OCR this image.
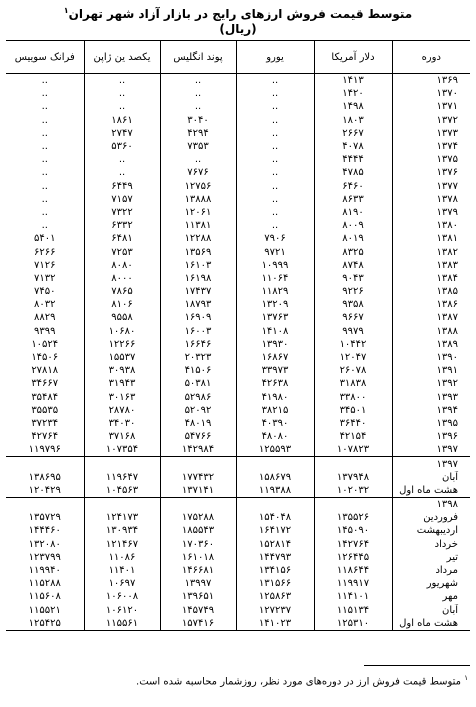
متوسط قیمت فروش ارزهای رایج در بازار آزاد شهر تهران$^۱$
(ریال)
دوره	دلار آمریکا	یورو	پوند انگلیس	یکصد ین ژاپن	فرانک سوییس
۱۳۶۹	۱۴۱۳	..	..	..	..
۱۳۷۰	۱۴۲۰	..	..	..	..
۱۳۷۱	۱۴۹۸	..	..	..	..
۱۳۷۲	۱۸۰۳	..	۳۰۴۰	۱۸۶۱	..
۱۳۷۳	۲۶۶۷	..	۴۲۹۴	۲۷۴۷	..
۱۳۷۴	۴۰۷۸	..	۷۳۵۳	۵۳۶۰	..
۱۳۷۵	۴۴۴۴	..	..	..	..
۱۳۷۶	۴۷۸۵	..	۷۶۷۶	..	..
۱۳۷۷	۶۴۶۰	..	۱۲۷۵۶	۶۴۴۹	..
۱۳۷۸	۸۶۳۳	..	۱۳۸۸۸	۷۱۵۷	..
۱۳۷۹	۸۱۹۰	..	۱۲۰۶۱	۷۳۲۲	..
۱۳۸۰	۸۰۰۹	..	۱۱۳۸۱	۶۳۳۲	..
۱۳۸۱	۸۰۱۹	۷۹۰۶	۱۲۲۸۸	۶۴۸۱	۵۴۰۱
۱۳۸۲	۸۳۲۵	۹۷۲۱	۱۳۵۶۹	۷۲۵۳	۶۲۶۶
۱۳۸۳	۸۷۴۸	۱۰۹۹۹	۱۶۱۰۳	۸۰۸۰	۷۱۲۶
۱۳۸۴	۹۰۴۳	۱۱۰۶۴	۱۶۱۹۸	۸۰۰۰	۷۱۳۲
۱۳۸۵	۹۲۲۶	۱۱۸۲۹	۱۷۴۳۷	۷۸۶۵	۷۴۵۰
۱۳۸۶	۹۳۵۸	۱۳۲۰۹	۱۸۷۹۳	۸۱۰۶	۸۰۳۲
۱۳۸۷	۹۶۶۷	۱۳۷۶۳	۱۶۹۰۹	۹۵۵۸	۸۸۲۹
۱۳۸۸	۹۹۷۹	۱۴۱۰۸	۱۶۰۰۳	۱۰۶۸۰	۹۳۹۹
۱۳۸۹	۱۰۴۴۲	۱۳۹۳۰	۱۶۶۴۶	۱۲۲۶۶	۱۰۵۲۴
۱۳۹۰	۱۲۰۴۷	۱۶۸۶۷	۲۰۳۲۳	۱۵۵۳۷	۱۴۵۰۶
۱۳۹۱	۲۶۰۷۸	۳۳۹۷۳	۴۱۵۰۶	۳۰۹۳۸	۲۷۸۱۸
۱۳۹۲	۳۱۸۳۸	۴۲۶۳۸	۵۰۳۸۱	۳۱۹۴۳	۳۴۶۶۷
۱۳۹۳	۳۳۸۰۰	۴۱۹۸۰	۵۲۹۸۶	۳۰۱۶۳	۳۵۴۸۴
۱۳۹۴	۳۴۵۰۱	۳۸۲۱۵	۵۲۰۹۲	۲۸۷۸۰	۳۵۵۳۵
۱۳۹۵	۳۶۴۴۰	۴۰۳۹۰	۴۸۰۱۹	۳۴۰۳۰	۳۷۲۳۴
۱۳۹۶	۴۲۱۵۴	۴۸۰۸۰	۵۴۷۶۶	۳۷۱۶۸	۴۲۷۶۴
۱۳۹۷	۱۰۷۸۲۳	۱۲۵۵۹۳	۱۴۲۹۸۴	۱۰۷۳۵۴	۱۱۹۷۹۶
۱۳۹۷					
آبان	۱۳۷۹۴۸	۱۵۸۶۷۹	۱۷۷۴۳۲	۱۱۹۶۴۷	۱۳۸۶۹۵
هشت ماه اول	۱۰۲۰۳۲	۱۱۹۳۸۸	۱۳۷۱۴۱	۱۰۴۵۶۳	۱۲۰۴۲۹
۱۳۹۸					
فروردین	۱۳۵۵۲۶	۱۵۴۰۴۸	۱۷۵۲۸۸	۱۲۴۱۷۳	۱۳۵۷۲۹
اردیبهشت	۱۴۵۰۹۰	۱۶۴۱۷۲	۱۸۵۵۴۳	۱۳۰۹۳۴	۱۴۴۴۶۰
خرداد	۱۴۲۷۶۴	۱۵۲۸۱۴	۱۷۰۳۶۰	۱۲۱۴۶۷	۱۳۲۰۸۰
تیر	۱۲۶۴۴۵	۱۴۴۷۹۳	۱۶۱۰۱۸	۱۱۰۸۶	۱۲۳۷۹۹
مرداد	۱۱۸۶۴۴	۱۳۴۱۵۶	۱۴۶۶۸۱	۱۱۴۰۱	۱۱۹۹۴۰
شهریور	۱۱۹۹۱۷	۱۳۱۵۶۶	۱۳۹۹۷	۱۰۶۹۷	۱۱۵۲۸۸
مهر	۱۱۴۱۰۱	۱۲۵۸۶۳	۱۳۹۶۵۱	۱۰۶۰۰۸	۱۱۵۶۰۸
آبان	۱۱۵۱۳۴	۱۲۷۲۳۷	۱۴۵۷۴۹	۱۰۶۱۲۰	۱۱۵۵۲۱
هشت ماه اول	۱۲۵۳۱۰	۱۴۱۰۲۳	۱۵۷۴۱۶	۱۱۵۵۶۱	۱۲۵۴۲۵
$^۱$ متوسط قیمت فروش ارز در دوره‌های مورد نظر، روزشمار محاسبه شده است.
